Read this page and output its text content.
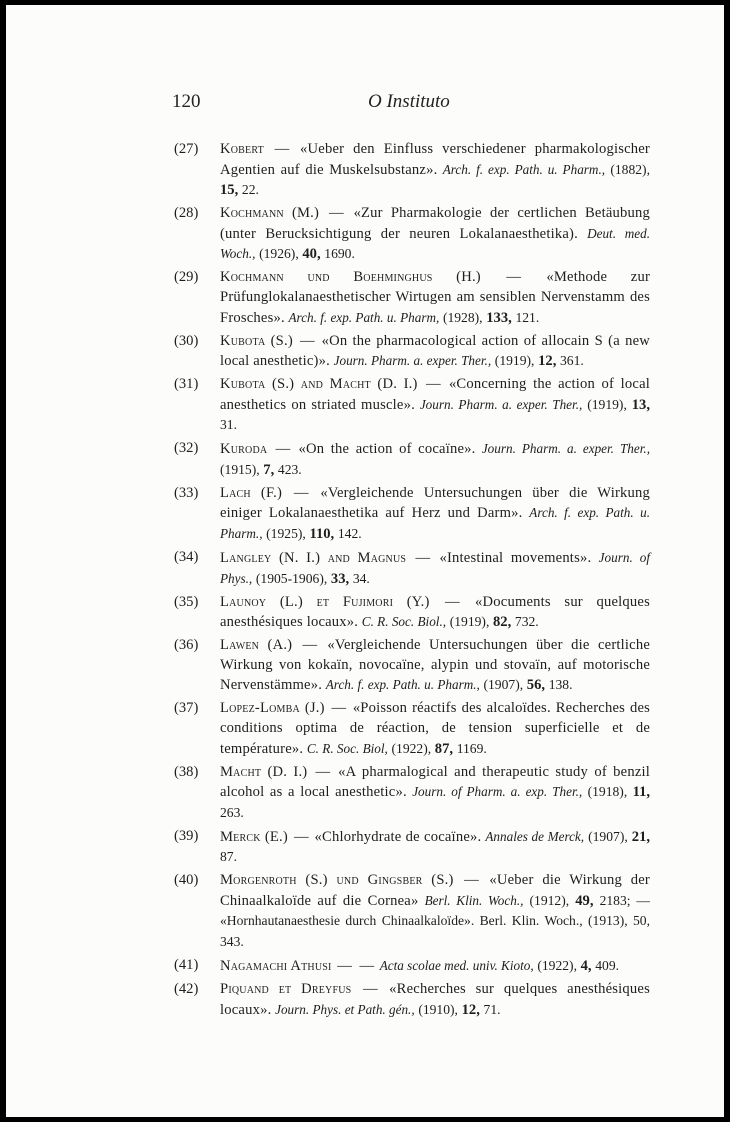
120	O Instituto
(27) Kobert — «Ueber den Einfluss verschiedener pharmakologischer Agentien auf die Muskelsubstanz». Arch. f. exp. Path. u. Pharm., (1882), 15, 22.
(28) Kochmann (M.) — «Zur Pharmakologie der certlichen Betäubung (unter Berucksichtigung der neuren Lokalanaesthetika). Deut. med. Woch., (1926), 40, 1690.
(29) Kochmann und Boehminghus (H.) — «Methode zur Prüfunglokalanaesthetischer Wirtugen am sensiblen Nervenstamm des Frosches». Arch. f. exp. Path. u. Pharm, (1928), 133, 121.
(30) Kubota (S.) — «On the pharmacological action of allocain S (a new local anesthetic)». Journ. Pharm. a. exper. Ther., (1919), 12, 361.
(31) Kubota (S.) and Macht (D. I.) — «Concerning the action of local anesthetics on striated muscle». Journ. Pharm. a. exper. Ther., (1919), 13, 31.
(32) Kuroda — «On the action of cocaïne». Journ. Pharm. a. exper. Ther., (1915), 7, 423.
(33) Lach (F.) — «Vergleichende Untersuchungen über die Wirkung einiger Lokalanaesthetika auf Herz und Darm». Arch. f. exp. Path. u. Pharm., (1925), 110, 142.
(34) Langley (N. I.) and Magnus — «Intestinal movements». Journ. of Phys., (1905-1906), 33, 34.
(35) Launoy (L.) et Fujimori (Y.) — «Documents sur quelques anesthésiques locaux». C. R. Soc. Biol., (1919), 82, 732.
(36) Lawen (A.) — «Vergleichende Untersuchungen über die certliche Wirkung von kokaïn, novocaïne, alypin und stovaïn, auf motorische Nervenstämme». Arch. f. exp. Path. u. Pharm., (1907), 56, 138.
(37) Lopez-Lomba (J.) — «Poisson réactifs des alcaloïdes. Recherches des conditions optima de réaction, de tension superficielle et de température». C. R. Soc. Biol, (1922), 87, 1169.
(38) Macht (D. I.) — «A pharmalogical and therapeutic study of benzil alcohol as a local anesthetic». Journ. of Pharm. a. exp. Ther., (1918), 11, 263.
(39) Merck (E.) — «Chlorhydrate de cocaïne». Annales de Merck, (1907), 21, 87.
(40) Morgenroth (S.) und Gingsber (S.) — «Ueber die Wirkung der Chinaalkaloïde auf die Cornea» Berl. Klin. Woch., (1912), 49, 2183; — «Hornhautanaesthesie durch Chinaalkaloïde». Berl. Klin. Woch., (1913), 50, 343.
(41) Nagamachi Athusi — — Acta scolae med. univ. Kioto, (1922), 4, 409.
(42) Piquand et Dreyfus — «Recherches sur quelques anesthésiques locaux». Journ. Phys. et Path. gén., (1910), 12, 71.
